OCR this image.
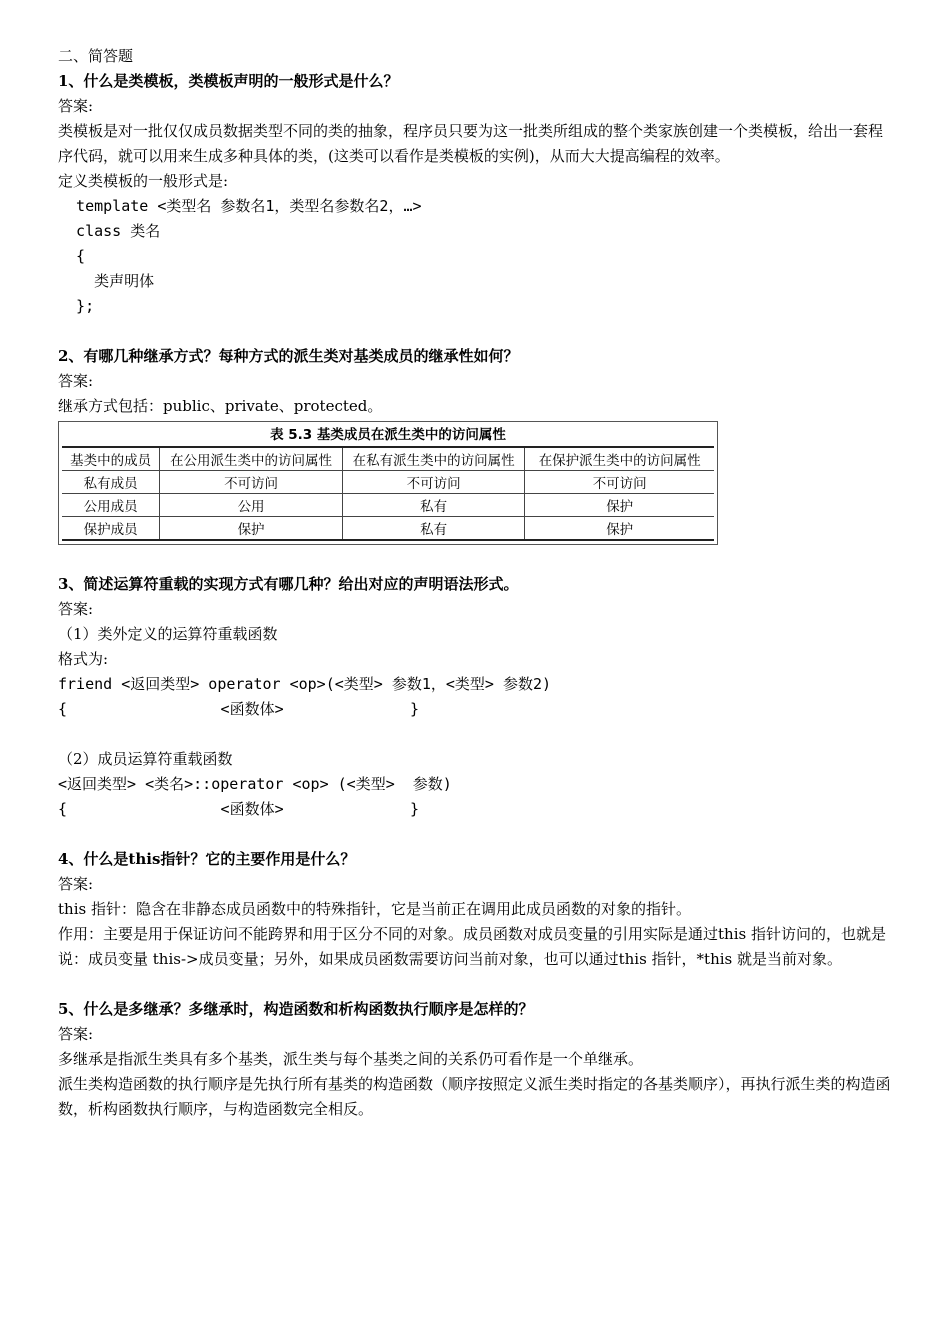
二、简答题
1、什么是类模板，类模板声明的一般形式是什么？
答案:
类模板是对一批仅仅成员数据类型不同的类的抽象，程序员只要为这一批类所组成的整个类家族创建一个类模板，给出一套程序代码，就可以用来生成多种具体的类，(这类可以看作是类模板的实例)，从而大大提高编程的效率。
定义类模板的一般形式是:
template <类型名 参数名1，类型名参数名2，…>
class 类名
{
类声明体
};
2、有哪几种继承方式？每种方式的派生类对基类成员的继承性如何？
答案:
继承方式包括：public、private、protected。
表 5.3 基类成员在派生类中的访问属性
基类中的成员	在公用派生类中的访问属性	在私有派生类中的访问属性	在保护派生类中的访问属性
私有成员	不可访问	不可访问	不可访问
公用成员	公用	私有	保护
保护成员	保护	私有	保护
3、简述运算符重载的实现方式有哪几种？给出对应的声明语法形式。
答案:
（1）类外定义的运算符重载函数
格式为:
friend <返回类型> operator <op>(<类型> 参数1，<类型> 参数2)
{                 <函数体>              }

（2）成员运算符重载函数
<返回类型> <类名>::operator <op> (<类型>  参数)
{                 <函数体>              }
4、什么是this指针？它的主要作用是什么？
答案:
this 指针：隐含在非静态成员函数中的特殊指针，它是当前正在调用此成员函数的对象的指针。
作用：主要是用于保证访问不能跨界和用于区分不同的对象。成员函数对成员变量的引用实际是通过this 指针访问的，也就是说：成员变量 this->成员变量；另外，如果成员函数需要访问当前对象，也可以通过this 指针，*this 就是当前对象。
5、什么是多继承？多继承时，构造函数和析构函数执行顺序是怎样的？
答案:
多继承是指派生类具有多个基类，派生类与每个基类之间的关系仍可看作是一个单继承。
派生类构造函数的执行顺序是先执行所有基类的构造函数（顺序按照定义派生类时指定的各基类顺序），再执行派生类的构造函数，析构函数执行顺序，与构造函数完全相反。
